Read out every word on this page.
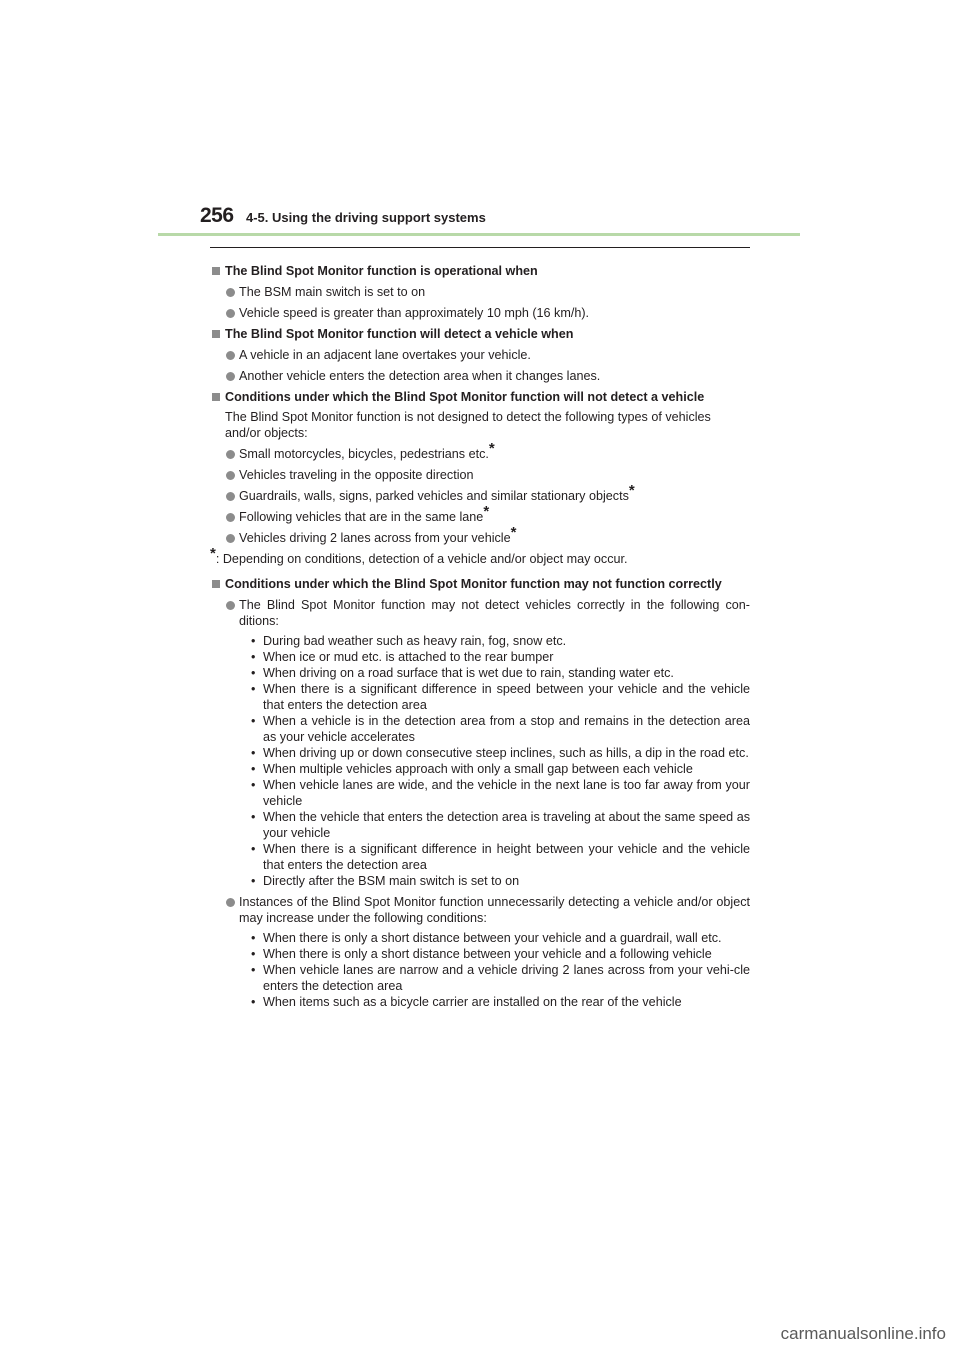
256 4-5. Using the driving support systems
The Blind Spot Monitor function is operational when
The BSM main switch is set to on
Vehicle speed is greater than approximately 10 mph (16 km/h).
The Blind Spot Monitor function will detect a vehicle when
A vehicle in an adjacent lane overtakes your vehicle.
Another vehicle enters the detection area when it changes lanes.
Conditions under which the Blind Spot Monitor function will not detect a vehicle
The Blind Spot Monitor function is not designed to detect the following types of vehicles and/or objects:
Small motorcycles, bicycles, pedestrians etc.*
Vehicles traveling in the opposite direction
Guardrails, walls, signs, parked vehicles and similar stationary objects*
Following vehicles that are in the same lane*
Vehicles driving 2 lanes across from your vehicle*
*: Depending on conditions, detection of a vehicle and/or object may occur.
Conditions under which the Blind Spot Monitor function may not function correctly
The Blind Spot Monitor function may not detect vehicles correctly in the following con-ditions:
• During bad weather such as heavy rain, fog, snow etc.
• When ice or mud etc. is attached to the rear bumper
• When driving on a road surface that is wet due to rain, standing water etc.
• When there is a significant difference in speed between your vehicle and the vehicle that enters the detection area
• When a vehicle is in the detection area from a stop and remains in the detection area as your vehicle accelerates
• When driving up or down consecutive steep inclines, such as hills, a dip in the road etc.
• When multiple vehicles approach with only a small gap between each vehicle
• When vehicle lanes are wide, and the vehicle in the next lane is too far away from your vehicle
• When the vehicle that enters the detection area is traveling at about the same speed as your vehicle
• When there is a significant difference in height between your vehicle and the vehicle that enters the detection area
• Directly after the BSM main switch is set to on
Instances of the Blind Spot Monitor function unnecessarily detecting a vehicle and/or object may increase under the following conditions:
• When there is only a short distance between your vehicle and a guardrail, wall etc.
• When there is only a short distance between your vehicle and a following vehicle
• When vehicle lanes are narrow and a vehicle driving 2 lanes across from your vehi-cle enters the detection area
• When items such as a bicycle carrier are installed on the rear of the vehicle
carmanualsonline.info
